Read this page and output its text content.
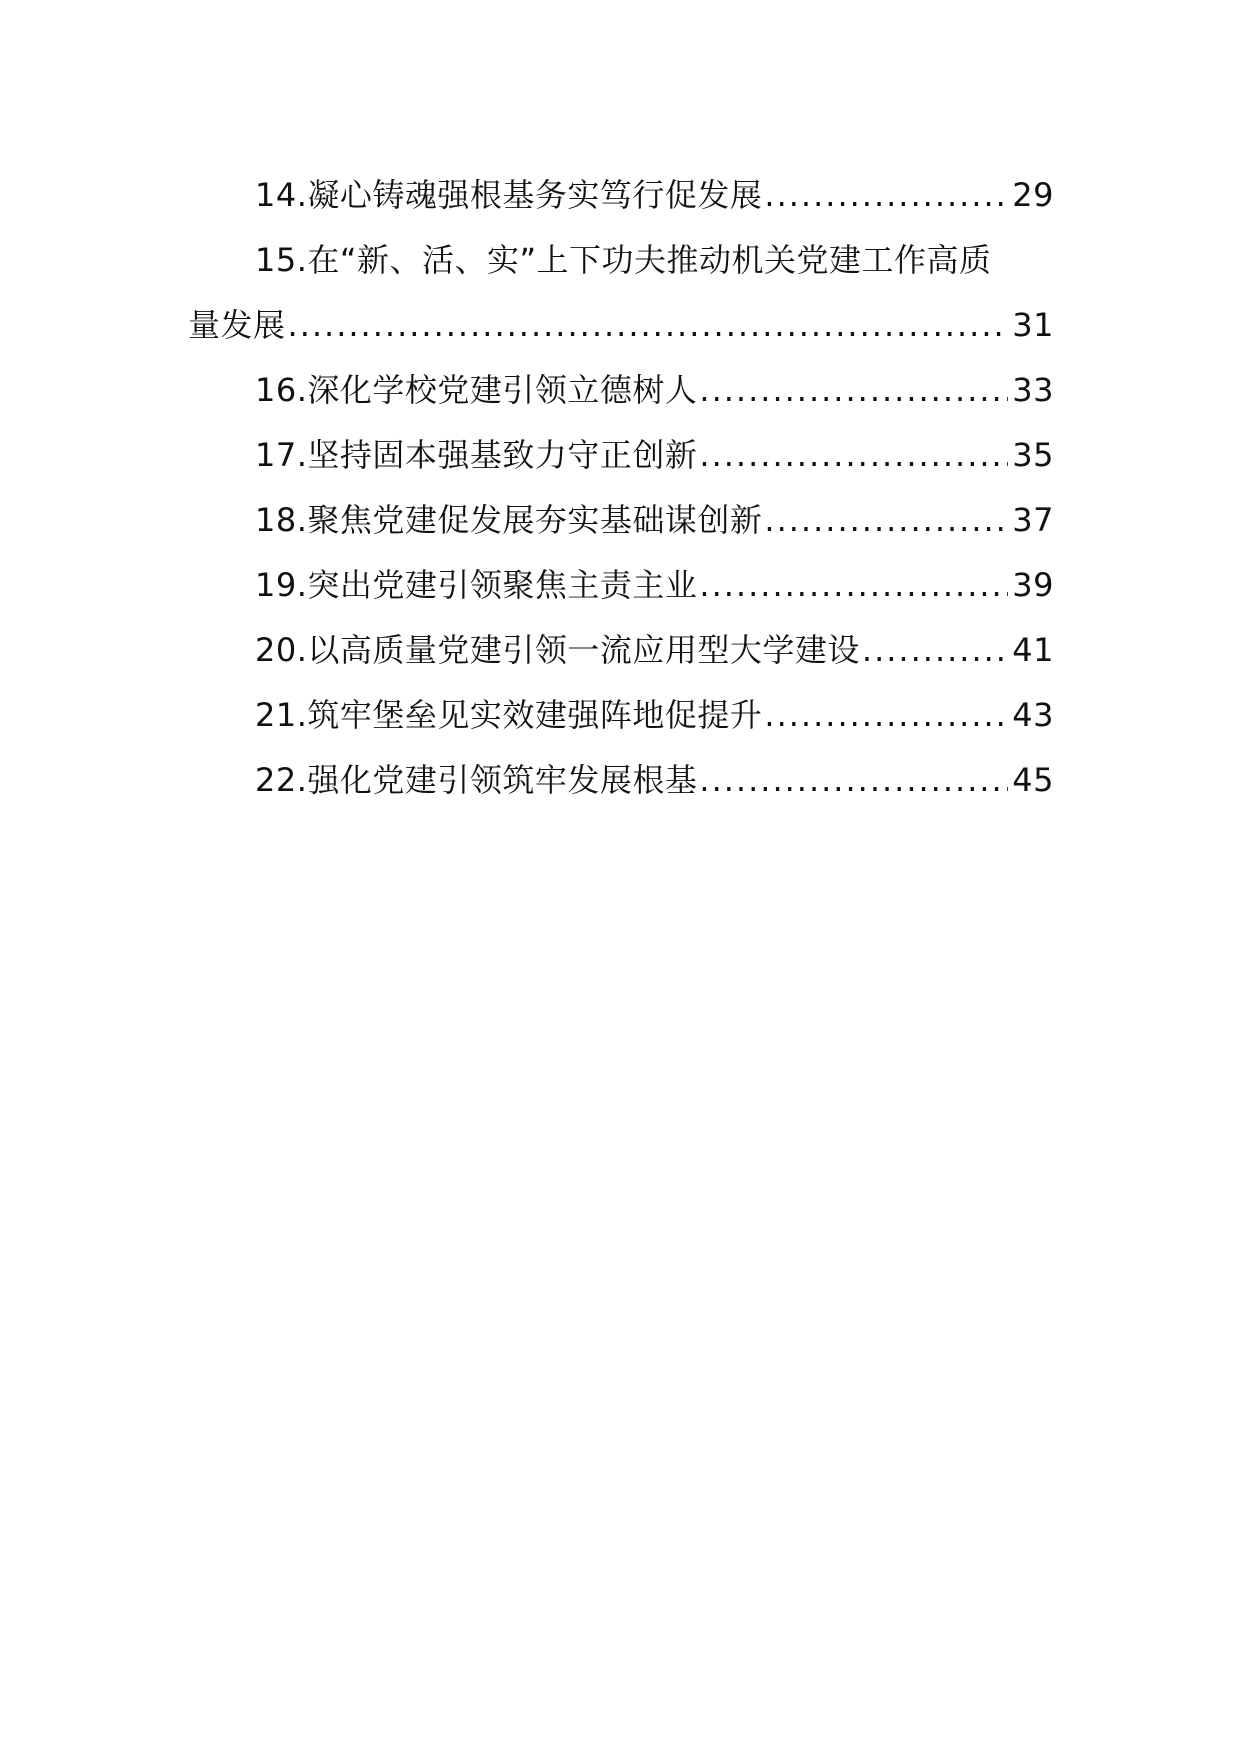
14.凝心铸魂强根基务实笃行促发展 .....	29
15.在“新、活、实”上下功夫推动机关党建工作高质
量发展 .....	31
16.深化学校党建引领立德树人 .....	33
17.坚持固本强基致力守正创新 .....	35
18.聚焦党建促发展夯实基础谋创新 .....	37
19.突出党建引领聚焦主责主业 .....	39
20.以高质量党建引领一流应用型大学建设 .....	41
21.筑牢堡垒见实效建强阵地促提升 .....	43
22.强化党建引领筑牢发展根基 .....	45
